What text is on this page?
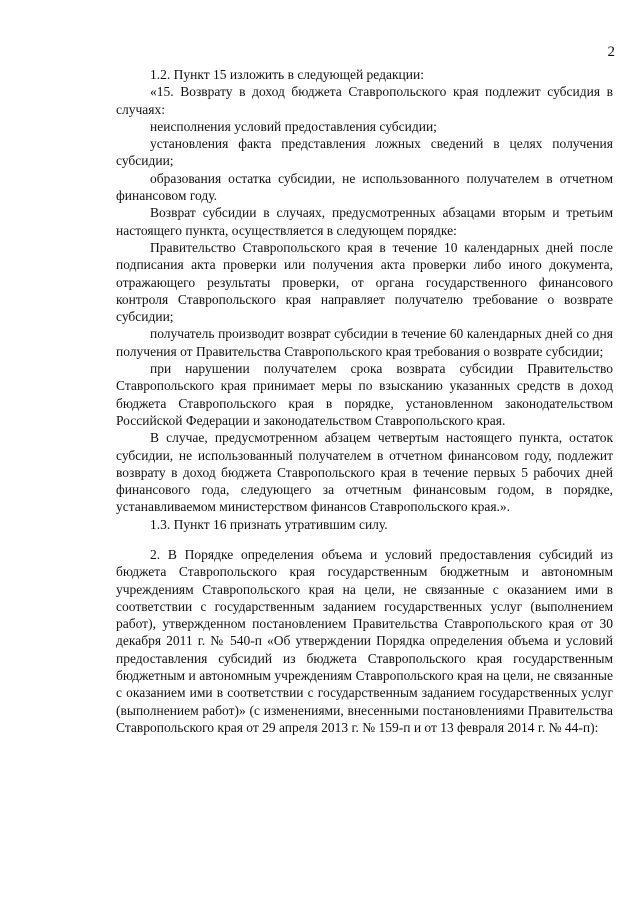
2

1.2. Пункт 15 изложить в следующей редакции:

«15. Возврату в доход бюджета Ставропольского края подлежит субсидия в случаях:

неисполнения условий предоставления субсидии;

установления факта представления ложных сведений в целях получения субсидии;

образования остатка субсидии, не использованного получателем в отчетном финансовом году.

Возврат субсидии в случаях, предусмотренных абзацами вторым и третьим настоящего пункта, осуществляется в следующем порядке:

Правительство Ставропольского края в течение 10 календарных дней после подписания акта проверки или получения акта проверки либо иного документа, отражающего результаты проверки, от органа государственного финансового контроля Ставропольского края направляет получателю требование о возврате субсидии;

получатель производит возврат субсидии в течение 60 календарных дней со дня получения от Правительства Ставропольского края требования о возврате субсидии;

при нарушении получателем срока возврата субсидии Правительство Ставропольского края принимает меры по взысканию указанных средств в доход бюджета Ставропольского края в порядке, установленном законодательством Российской Федерации и законодательством Ставропольского края.

В случае, предусмотренном абзацем четвертым настоящего пункта, остаток субсидии, не использованный получателем в отчетном финансовом году, подлежит возврату в доход бюджета Ставропольского края в течение первых 5 рабочих дней финансового года, следующего за отчетным финансовым годом, в порядке, устанавливаемом министерством финансов Ставропольского края.».

1.3. Пункт 16 признать утратившим силу.

2. В Порядке определения объема и условий предоставления субсидий из бюджета Ставропольского края государственным бюджетным и автономным учреждениям Ставропольского края на цели, не связанные с оказанием ими в соответствии с государственным заданием государственных услуг (выполнением работ), утвержденном постановлением Правительства Ставропольского края от 30 декабря 2011 г. № 540-п «Об утверждении Порядка определения объема и условий предоставления субсидий из бюджета Ставропольского края государственным бюджетным и автономным учреждениям Ставропольского края на цели, не связанные с оказанием ими в соответствии с государственным заданием государственных услуг (выполнением работ)» (с изменениями, внесенными постановлениями Правительства Ставропольского края от 29 апреля 2013 г. № 159-п и от 13 февраля 2014 г. № 44-п):
